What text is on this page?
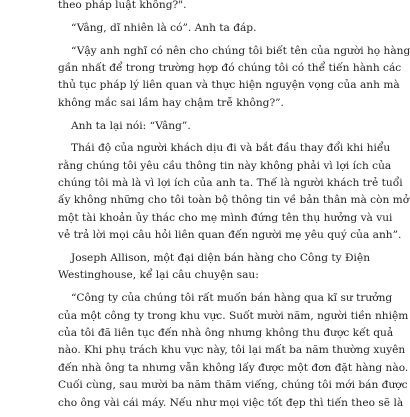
theo pháp luật không?".
“Vâng, dĩ nhiên là có”. Anh ta đáp.
“Vậy anh nghĩ có nên cho chúng tôi biết tên của người họ hàng
gần nhất để trong trường hợp đó chúng tôi có thể tiến hành các
thủ tục pháp lý liên quan và thực hiện nguyện vọng của anh mà
không mắc sai lầm hay chậm trễ không?”.
Anh ta lại nói: “Vâng”.
Thái độ của người khách dịu đi và bắt đầu thay đổi khi hiểu
rằng chúng tôi yêu cầu thông tin này không phải vì lợi ích của
chúng tôi mà là vì lợi ích của anh ta. Thế là người khách trẻ tuổi
ấy không những cho tôi toàn bộ thông tin về bản thân mà còn mở
một tài khoản ủy thác cho mẹ mình đứng tên thụ hưởng và vui
vẻ trả lời mọi câu hỏi liên quan đến người mẹ yêu quý của anh”.
Joseph Allison, một đại diện bán hàng cho Công ty Điện
Westinghouse, kể lại câu chuyện sau:
“Công ty của chúng tôi rất muốn bán hàng qua kĩ sư trưởng
của một công ty trong khu vực. Suốt mười năm, người tiền nhiệm
của tôi đã liên tục đến nhà ông nhưng không thu được kết quả
nào. Khi phụ trách khu vực này, tôi lại mất ba năm thường xuyên
đến nhà ông ta nhưng vẫn không lấy được một đơn đặt hàng nào.
Cuối cùng, sau mười ba năm thăm viếng, chúng tôi mới bán được
cho ông vài cái máy. Nếu như mọi việc tốt đẹp thì tiến theo sẽ là
